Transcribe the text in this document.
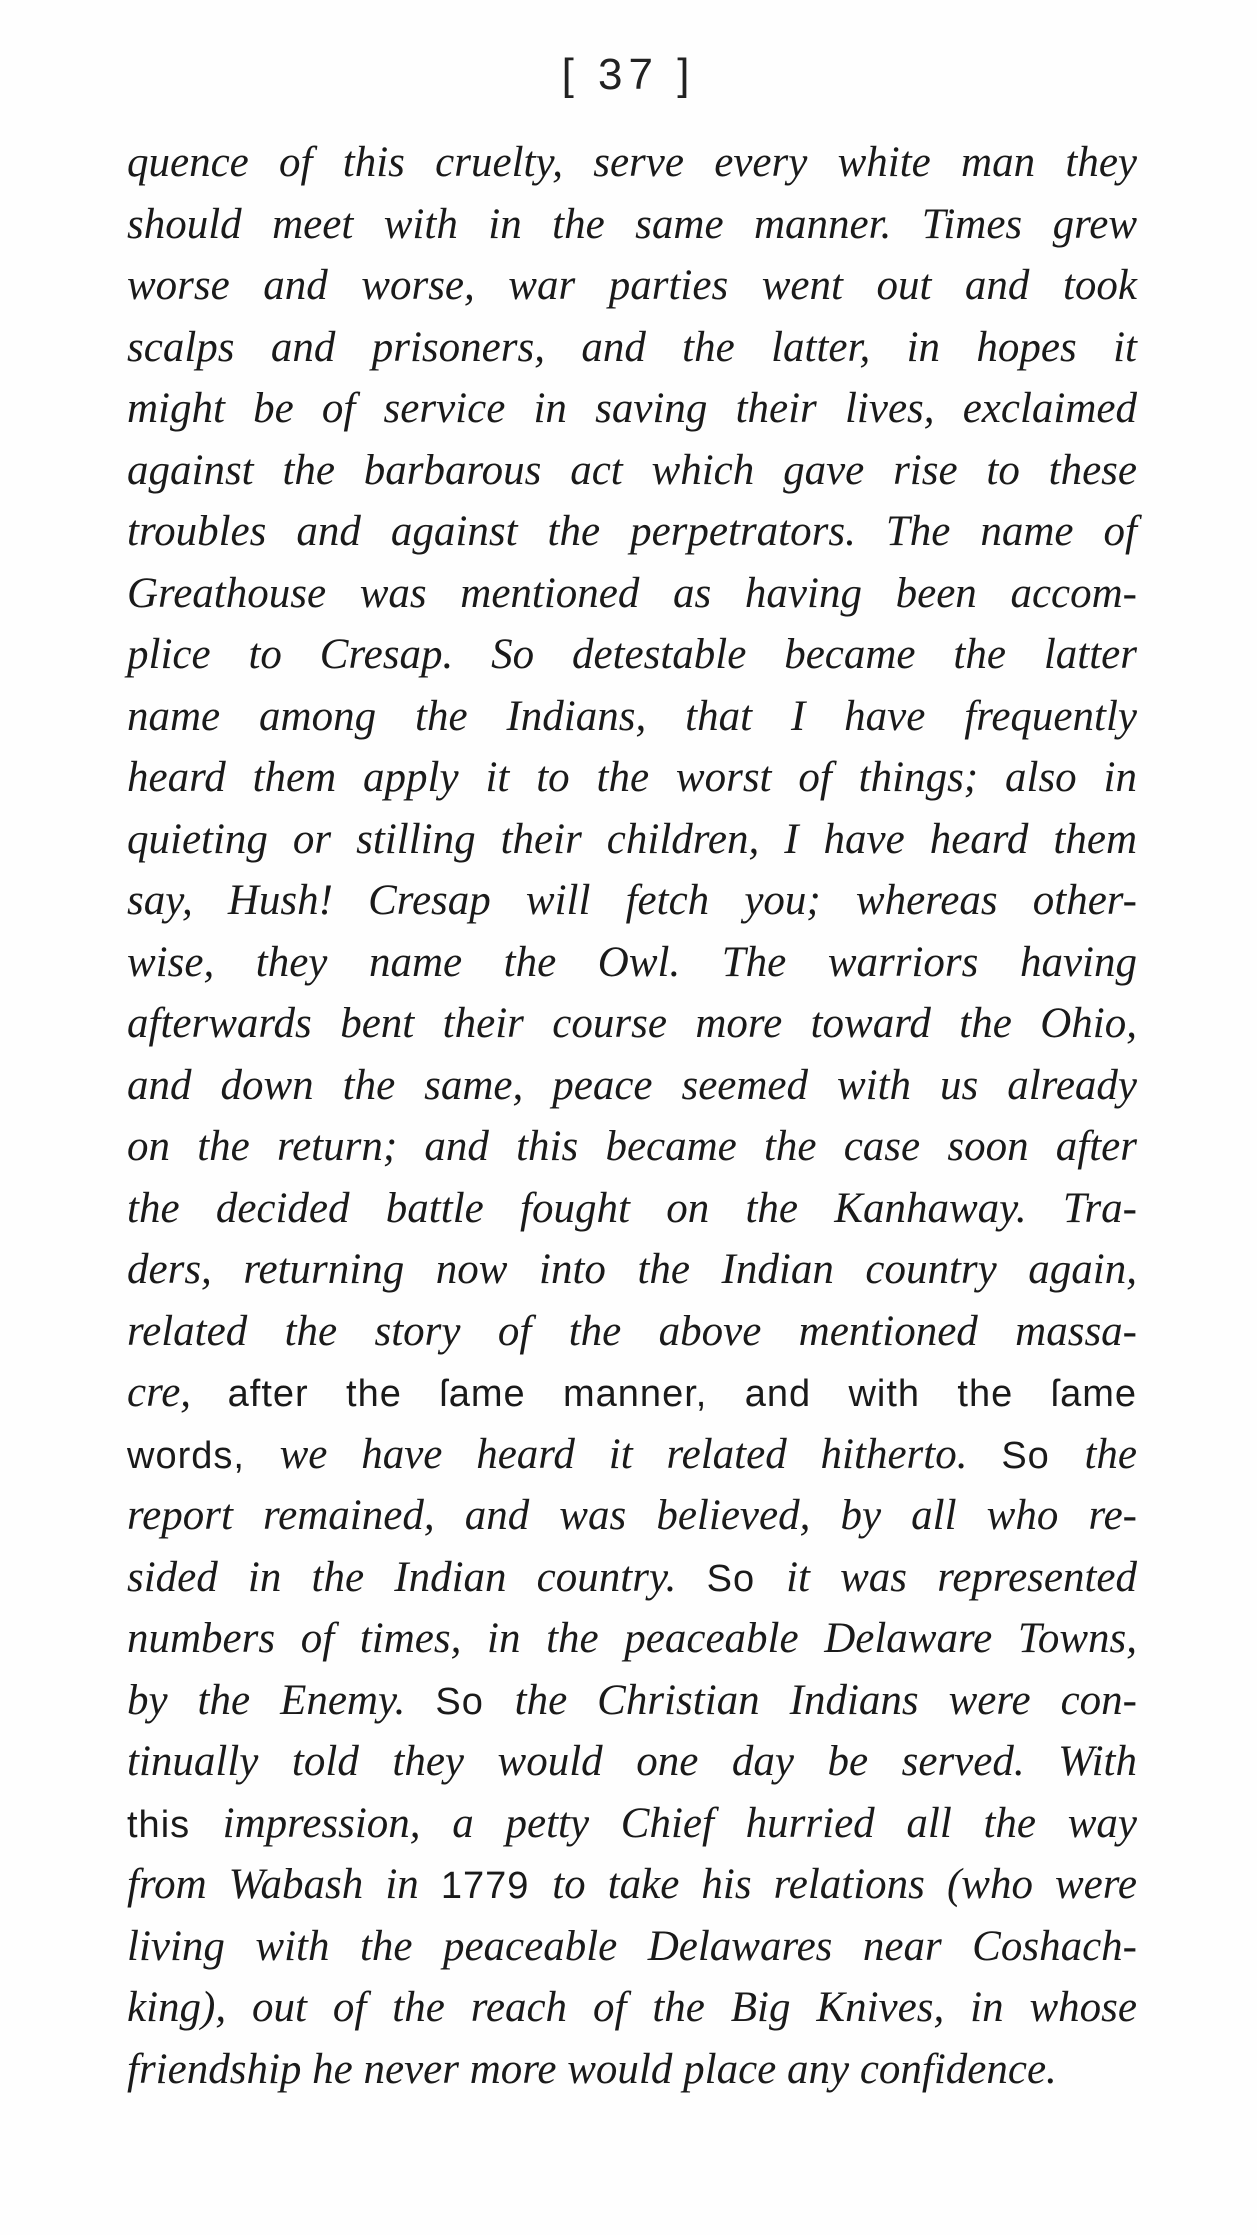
[ 37 ]
quence of this cruelty, serve every white man they
should meet with in the same manner. Times grew
worse and worse, war parties went out and took
scalps and prisoners, and the latter, in hopes it
might be of service in saving their lives, exclaimed
against the barbarous act which gave rise to these
troubles and against the perpetrators. The name of
Greathouse was mentioned as having been accom-
plice to Cresap. So detestable became the latter
name among the Indians, that I have frequently
heard them apply it to the worst of things; also in
quieting or stilling their children, I have heard them
say, Hush! Cresap will fetch you; whereas other-
wise, they name the Owl. The warriors having
afterwards bent their course more toward the Ohio,
and down the same, peace seemed with us already
on the return; and this became the case soon after
the decided battle fought on the Kanhaway. Tra-
ders, returning now into the Indian country again,
related the story of the above mentioned massa-
cre, after the ſame manner, and with the ſame
words, we have heard it related hitherto. So the
report remained, and was believed, by all who re-
sided in the Indian country. So it was represented
numbers of times, in the peaceable Delaware Towns,
by the Enemy. So the Christian Indians were con-
tinually told they would one day be served. With
this impression, a petty Chief hurried all the way
from Wabash in 1779 to take his relations (who were
living with the peaceable Delawares near Coshach-
king), out of the reach of the Big Knives, in whose
friendship he never more would place any confidence.
